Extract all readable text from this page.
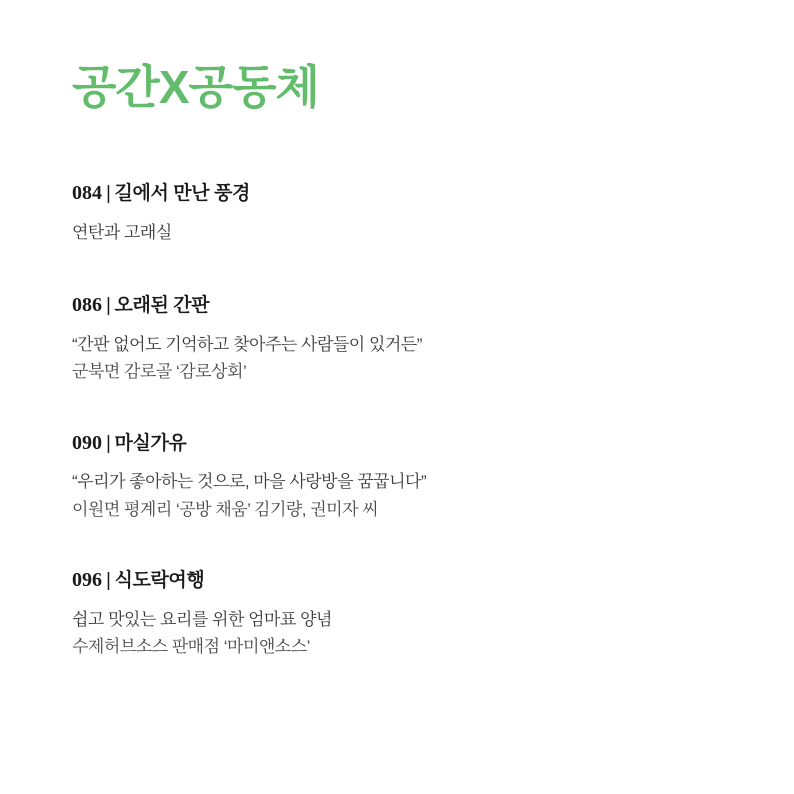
공간X공동체
084 | 길에서 만난 풍경
연탄과 고래실
086 | 오래된 간판
“간판 없어도 기억하고 찾아주는 사람들이 있거든”
군북면 감로골 ‘감로상회’
090 | 마실가유
“우리가 좋아하는 것으로, 마을 사랑방을 꿈꿉니다”
이원면 평계리 ‘공방 채움’ 김기량, 권미자 씨
096 | 식도락여행
쉽고 맛있는 요리를 위한 엄마표 양념
수제허브소스 판매점 ‘마미앤소스’
